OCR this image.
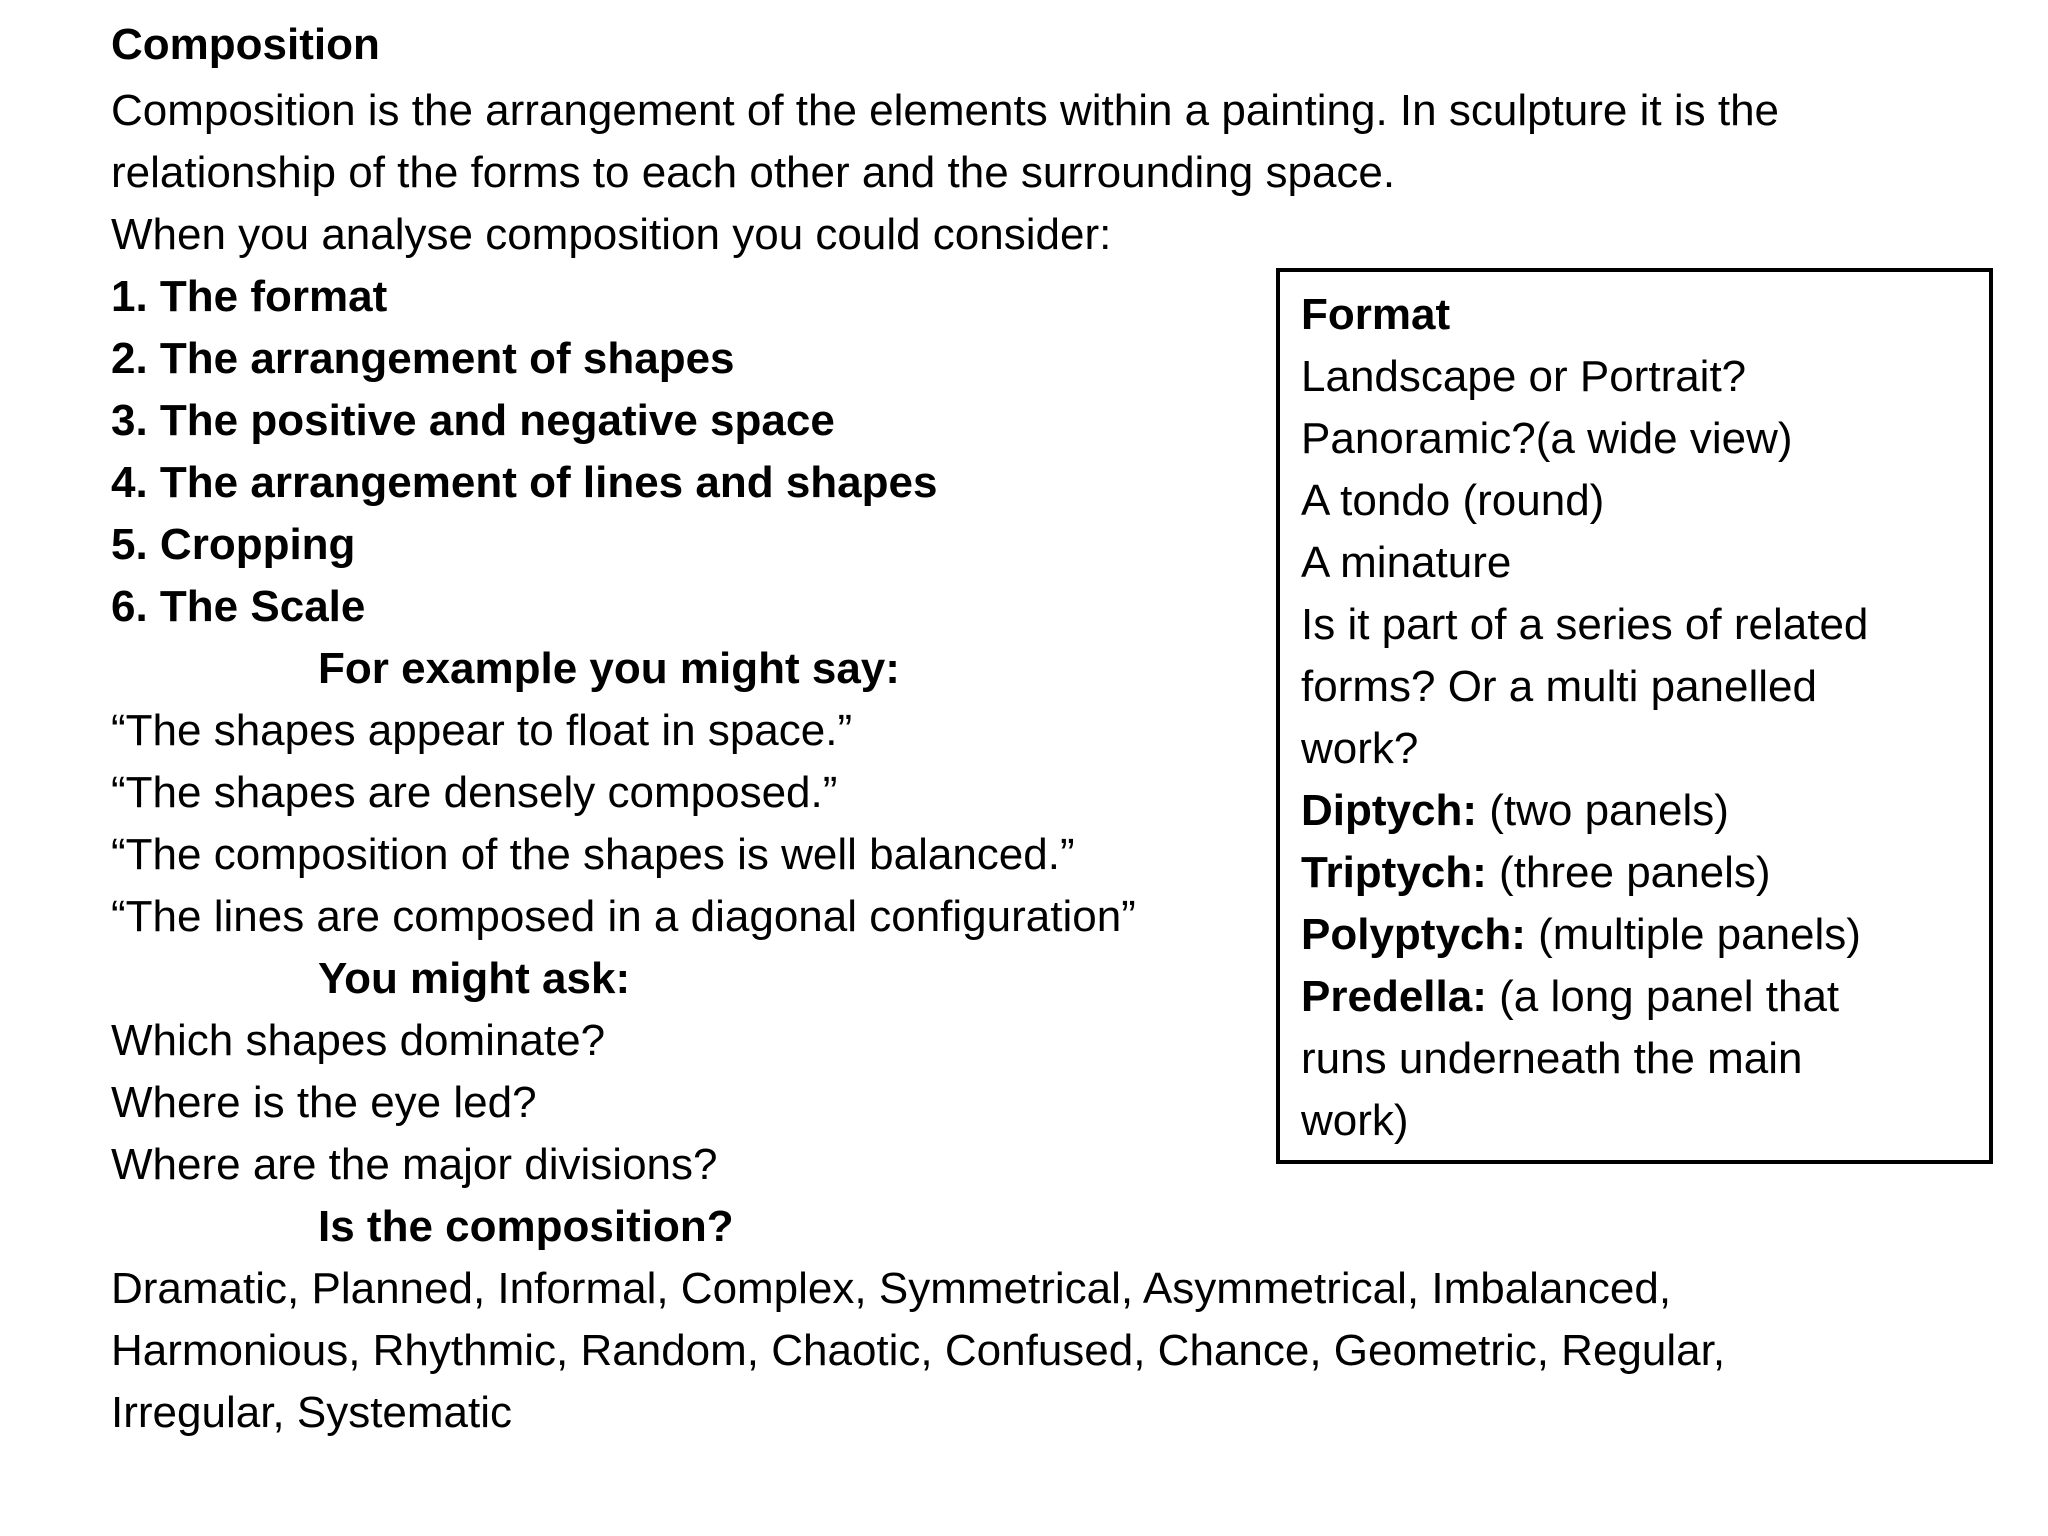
Composition
Composition is the arrangement of the elements within a painting. In sculpture it is the
relationship of the forms to each other and the surrounding space.
When you analyse composition you could consider:
1. The format
2. The arrangement of shapes
3. The positive and negative space
4. The arrangement of lines and shapes
5. Cropping
6. The Scale
For example you might say:
“The shapes appear to float in space.”
“The shapes are densely composed.”
“The composition of the shapes is well balanced.”
“The lines are composed in a diagonal configuration”
You might ask:
Which shapes dominate?
Where is the eye led?
Where are the major divisions?
Is the composition?
Dramatic, Planned, Informal, Complex, Symmetrical, Asymmetrical, Imbalanced,
Harmonious, Rhythmic, Random, Chaotic, Confused, Chance, Geometric, Regular,
Irregular, Systematic
Format
Landscape or Portrait?
Panoramic?(a wide view)
A tondo (round)
A minature
Is it part of a series of related
forms? Or a multi panelled
work?
Diptych: (two panels)
Triptych: (three panels)
Polyptych: (multiple panels)
Predella: (a long panel that
runs underneath the main
work)
